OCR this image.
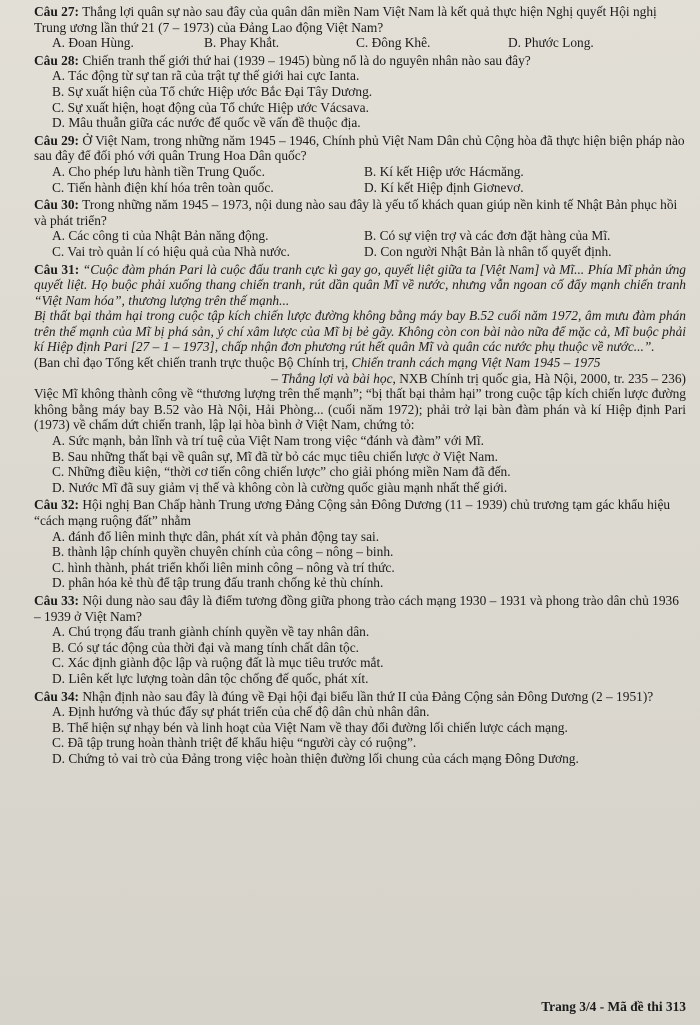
Câu 27: Thắng lợi quân sự nào sau đây của quân dân miền Nam Việt Nam là kết quả thực hiện Nghị quyết Hội nghị Trung ương lần thứ 21 (7 – 1973) của Đảng Lao động Việt Nam?

A. Đoan Hùng.	B. Phay Khắt.	C. Đông Khê.	D. Phước Long.

Câu 28: Chiến tranh thế giới thứ hai (1939 – 1945) bùng nổ là do nguyên nhân nào sau đây?

A. Tác động từ sự tan rã của trật tự thế giới hai cực Ianta.
B. Sự xuất hiện của Tổ chức Hiệp ước Bắc Đại Tây Dương.
C. Sự xuất hiện, hoạt động của Tổ chức Hiệp ước Vácsava.
D. Mâu thuẫn giữa các nước đế quốc về vấn đề thuộc địa.

Câu 29: Ở Việt Nam, trong những năm 1945 – 1946, Chính phủ Việt Nam Dân chủ Cộng hòa đã thực hiện biện pháp nào sau đây để đối phó với quân Trung Hoa Dân quốc?

A. Cho phép lưu hành tiền Trung Quốc.	B. Kí kết Hiệp ước Hácmăng.
C. Tiến hành điện khí hóa trên toàn quốc.	D. Kí kết Hiệp định Giơnevơ.

Câu 30: Trong những năm 1945 – 1973, nội dung nào sau đây là yếu tố khách quan giúp nền kinh tế Nhật Bản phục hồi và phát triển?

A. Các công ti của Nhật Bản năng động.	B. Có sự viện trợ và các đơn đặt hàng của Mĩ.
C. Vai trò quản lí có hiệu quả của Nhà nước.	D. Con người Nhật Bản là nhân tố quyết định.

Câu 31: “Cuộc đàm phán Pari là cuộc đấu tranh cực kì gay go, quyết liệt giữa ta [Việt Nam] và Mĩ... Phía Mĩ phản ứng quyết liệt. Họ buộc phải xuống thang chiến tranh, rút dần quân Mĩ về nước, nhưng vẫn ngoan cố đẩy mạnh chiến tranh “Việt Nam hóa”, thương lượng trên thế mạnh...

Bị thất bại thảm hại trong cuộc tập kích chiến lược đường không bằng máy bay B.52 cuối năm 1972, âm mưu đàm phán trên thế mạnh của Mĩ bị phá sản, ý chí xâm lược của Mĩ bị bẻ gãy. Không còn con bài nào nữa để mặc cả, Mĩ buộc phải kí Hiệp định Pari [27 – 1 – 1973], chấp nhận đơn phương rút hết quân Mĩ và quân các nước phụ thuộc về nước...”.

(Ban chỉ đạo Tổng kết chiến tranh trực thuộc Bộ Chính trị, Chiến tranh cách mạng Việt Nam 1945 – 1975

– Thắng lợi và bài học, NXB Chính trị quốc gia, Hà Nội, 2000, tr. 235 – 236)

Việc Mĩ không thành công về “thương lượng trên thế mạnh”; “bị thất bại thảm hại” trong cuộc tập kích chiến lược đường không bằng máy bay B.52 vào Hà Nội, Hải Phòng... (cuối năm 1972); phải trở lại bàn đàm phán và kí Hiệp định Pari (1973) về chấm dứt chiến tranh, lập lại hòa bình ở Việt Nam, chứng tỏ:

A. Sức mạnh, bản lĩnh và trí tuệ của Việt Nam trong việc “đánh và đàm” với Mĩ.
B. Sau những thất bại về quân sự, Mĩ đã từ bỏ các mục tiêu chiến lược ở Việt Nam.
C. Những điều kiện, “thời cơ tiến công chiến lược” cho giải phóng miền Nam đã đến.
D. Nước Mĩ đã suy giảm vị thế và không còn là cường quốc giàu mạnh nhất thế giới.

Câu 32: Hội nghị Ban Chấp hành Trung ương Đảng Cộng sản Đông Dương (11 – 1939) chủ trương tạm gác khẩu hiệu “cách mạng ruộng đất” nhằm

A. đánh đổ liên minh thực dân, phát xít và phản động tay sai.
B. thành lập chính quyền chuyên chính của công – nông – binh.
C. hình thành, phát triển khối liên minh công – nông và trí thức.
D. phân hóa kẻ thù để tập trung đấu tranh chống kẻ thù chính.

Câu 33: Nội dung nào sau đây là điểm tương đồng giữa phong trào cách mạng 1930 – 1931 và phong trào dân chủ 1936 – 1939 ở Việt Nam?

A. Chú trọng đấu tranh giành chính quyền về tay nhân dân.
B. Có sự tác động của thời đại và mang tính chất dân tộc.
C. Xác định giành độc lập và ruộng đất là mục tiêu trước mắt.
D. Liên kết lực lượng toàn dân tộc chống đế quốc, phát xít.

Câu 34: Nhận định nào sau đây là đúng về Đại hội đại biểu lần thứ II của Đảng Cộng sản Đông Dương (2 – 1951)?

A. Định hướng và thúc đẩy sự phát triển của chế độ dân chủ nhân dân.
B. Thể hiện sự nhạy bén và linh hoạt của Việt Nam về thay đổi đường lối chiến lược cách mạng.
C. Đã tập trung hoàn thành triệt để khẩu hiệu “người cày có ruộng”.
D. Chứng tỏ vai trò của Đảng trong việc hoàn thiện đường lối chung của cách mạng Đông Dương.
Trang 3/4 - Mã đề thi 313
